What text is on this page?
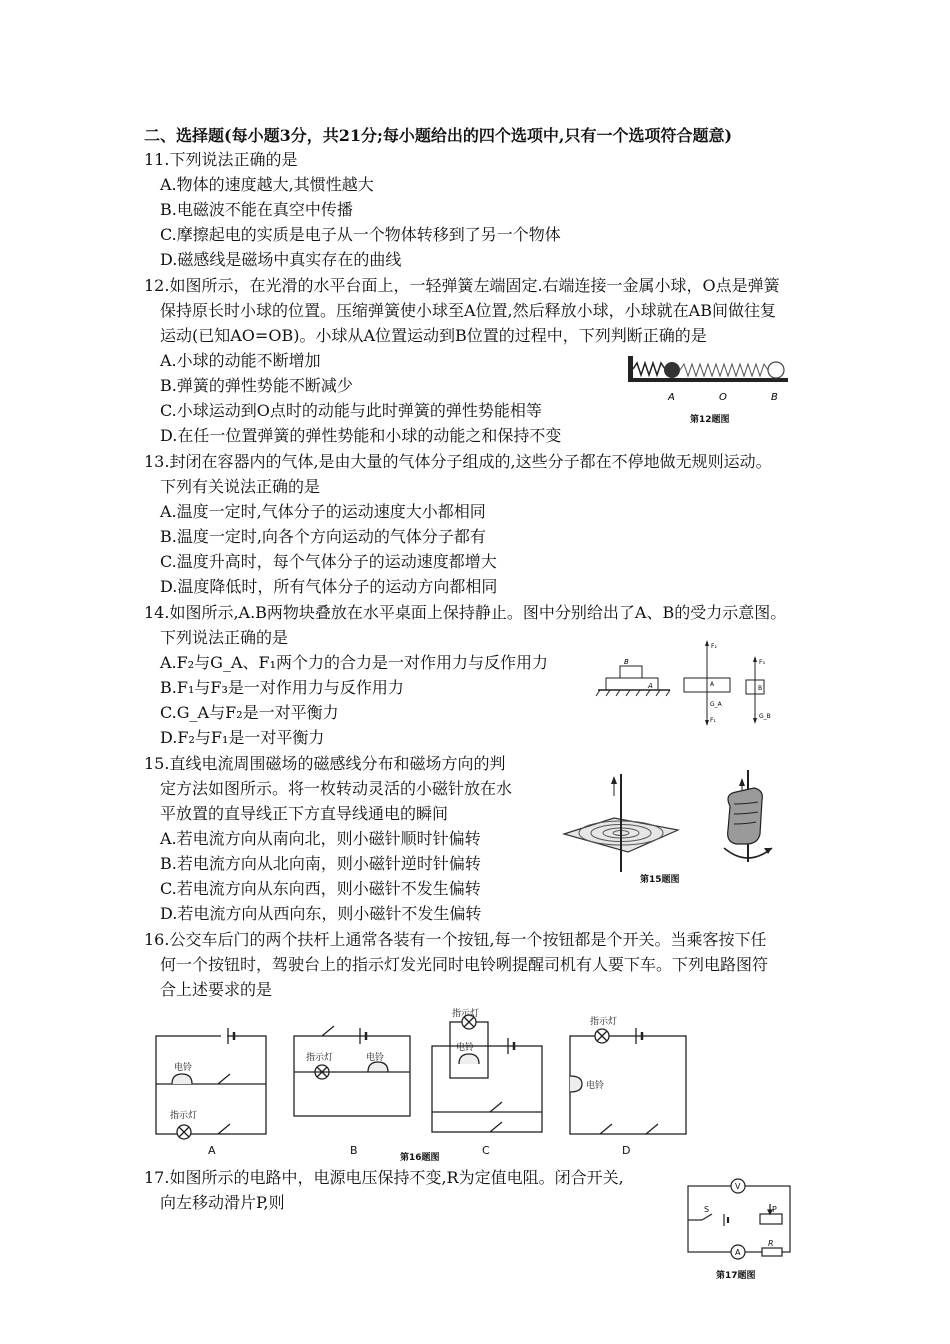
二、选择题(每小题3分，共21分;每小题给出的四个选项中,只有一个选项符合题意)
11.下列说法正确的是
A.物体的速度越大,其惯性越大
B.电磁波不能在真空中传播
C.摩擦起电的实质是电子从一个物体转移到了另一个物体
D.磁感线是磁场中真实存在的曲线
12.如图所示，在光滑的水平台面上，一轻弹簧左端固定.右端连接一金属小球，O点是弹簧
保持原长时小球的位置。压缩弹簧使小球至A位置,然后释放小球，小球就在AB间做往复
运动(已知AO=OB)。小球从A位置运动到B位置的过程中，下列判断正确的是
A.小球的动能不断增加
B.弹簧的弹性势能不断减少
C.小球运动到O点时的动能与此时弹簧的弹性势能相等
D.在任一位置弹簧的弹性势能和小球的动能之和保持不变
A	O	B
第12题图
13.封闭在容器内的气体,是由大量的气体分子组成的,这些分子都在不停地做无规则运动。
下列有关说法正确的是
A.温度一定时,气体分子的运动速度大小都相同
B.温度一定时,向各个方向运动的气体分子都有
C.温度升高时，每个气体分子的运动速度都增大
D.温度降低时，所有气体分子的运动方向都相同
14.如图所示,A.B两物块叠放在水平桌面上保持静止。图中分别给出了A、B的受力示意图。
下列说法正确的是
A.F₂与G_A、F₁两个力的合力是一对作用力与反作用力
B.F₁与F₃是一对作用力与反作用力
C.G_A与F₂是一对平衡力
D.F₂与F₁是一对平衡力
B
A
F₂
A
G_A
F₁
F₃
B
G_B
15.直线电流周围磁场的磁感线分布和磁场方向的判
定方法如图所示。将一枚转动灵活的小磁针放在水
平放置的直导线正下方直导线通电的瞬间
A.若电流方向从南向北，则小磁针顺时针偏转
B.若电流方向从北向南，则小磁针逆时针偏转
C.若电流方向从东向西，则小磁针不发生偏转
D.若电流方向从西向东，则小磁针不发生偏转
第15题图
16.公交车后门的两个扶杆上通常各装有一个按钮,每一个按钮都是个开关。当乘客按下任
何一个按钮时，驾驶台上的指示灯发光同时电铃咧提醒司机有人要下车。下列电路图符
合上述要求的是
电铃
指示灯
指示灯	电铃
指示灯
电铃
指示灯
电铃
A	B	C	D
第16题图
17.如图所示的电路中，电源电压保持不变,R为定值电阻。闭合开关,
向左移动滑片P,则
V
S	P
A
R
第17题图
